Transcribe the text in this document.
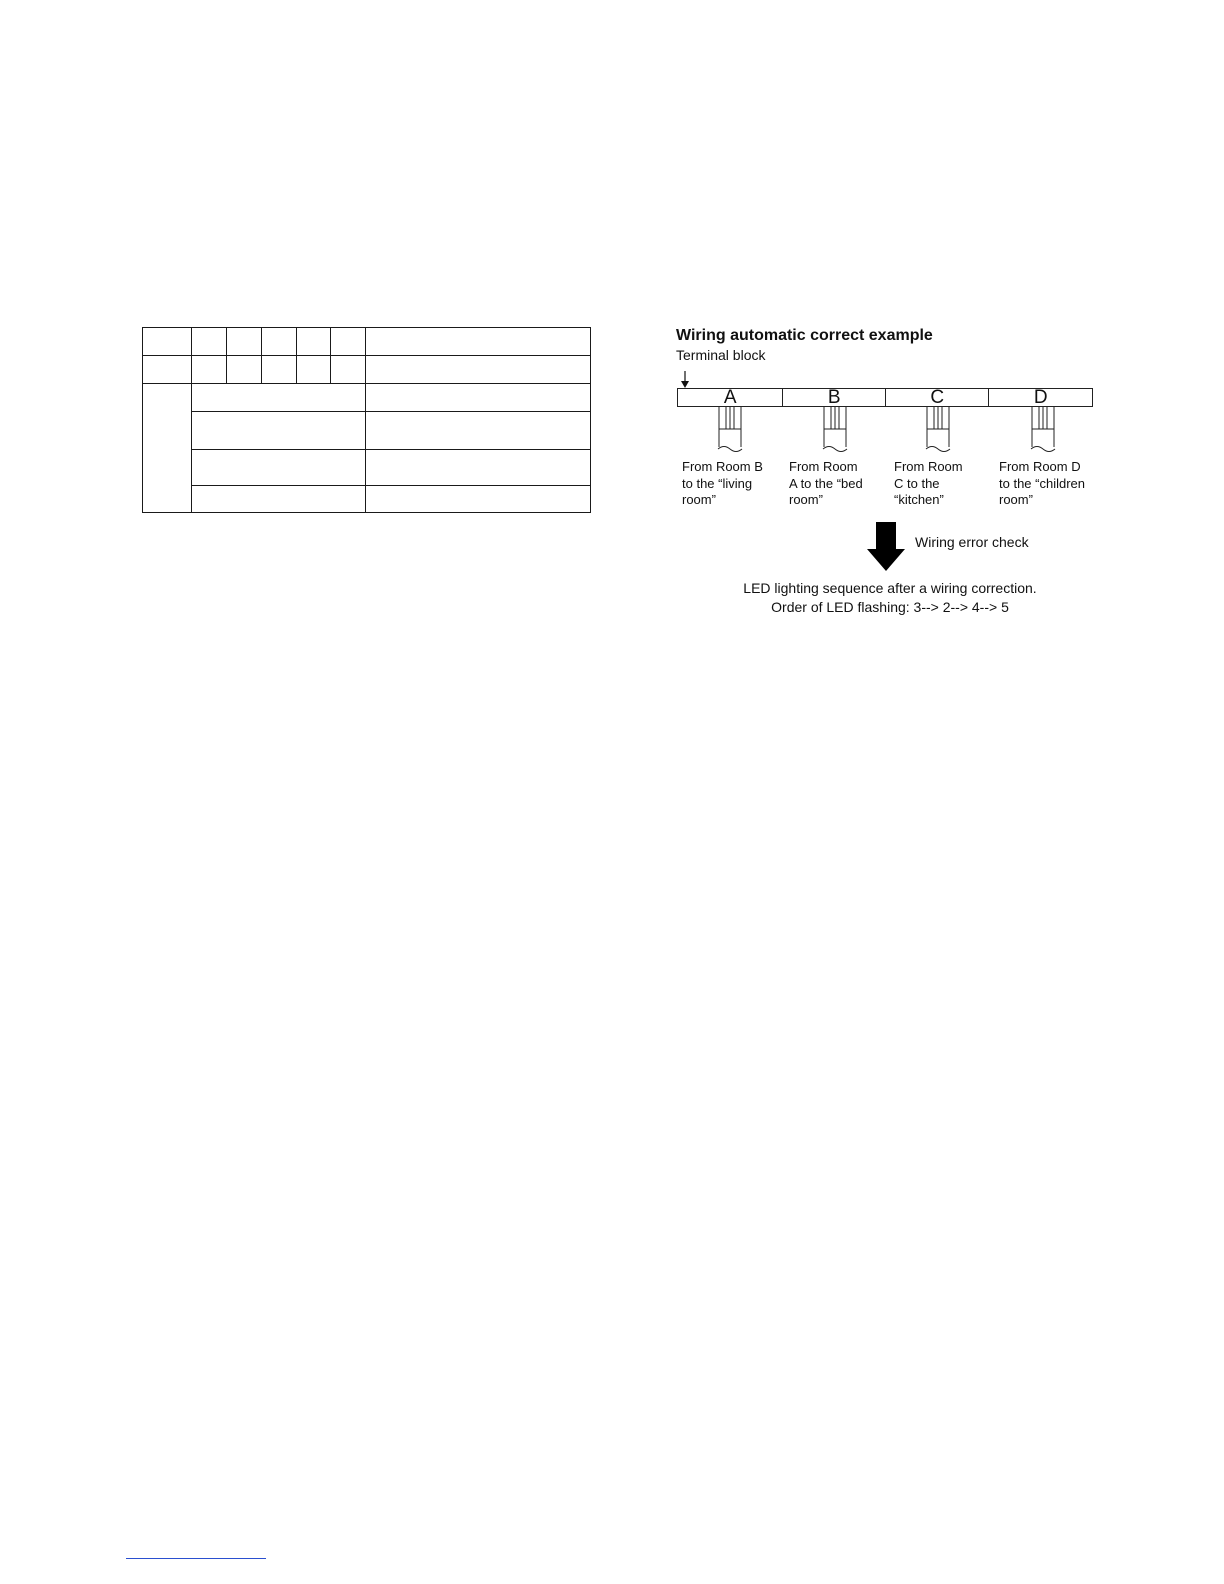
Wiring automatic correct example
Terminal block
A	B	C	D
From Room B
to the “living
room”
From Room
A to the “bed
room”
From Room
C to the
“kitchen”
From Room D
to the “children
room”
Wiring error check
LED lighting sequence after a wiring correction.
Order of LED flashing: 3--> 2--> 4--> 5
